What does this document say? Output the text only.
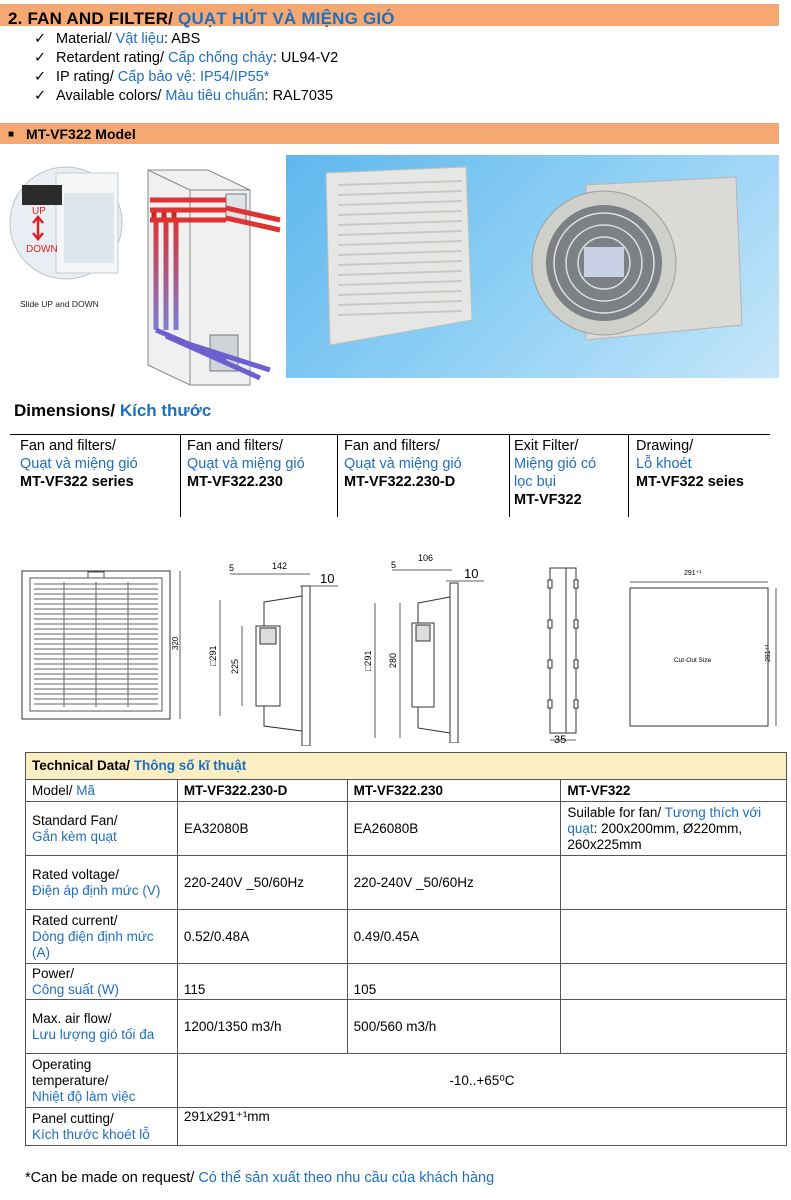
2. FAN AND FILTER/ QUẠT HÚT VÀ MIỆNG GIÓ
✓ Material/ Vật liệu: ABS
✓ Retardent rating/ Cấp chống cháy: UL94-V2
✓ IP rating/ Cấp bảo vệ: IP54/IP55*
✓ Available colors/ Màu tiêu chuẩn: RAL7035
■ MT-VF322 Model
UP
DOWN
Slide UP and DOWN
Dimensions/ Kích thước
Fan and filters/
Quạt và miệng gió
MT-VF322 series
Fan and filters/
Quạt và miệng gió
MT-VF322.230
Fan and filters/
Quạt và miệng gió
MT-VF322.230-D
Exit Filter/
Miệng gió có lọc bụi
MT-VF322
Drawing/
Lỗ khoét
MT-VF322 seies
320
5	142
10
□291
225
5
106
10
□291 280
35
291⁺¹
291⁺¹
Cut-Out Size
Technical Data/ Thông số kĩ thuật			
Model/ Mã	MT-VF322.230-D	MT-VF322.230	MT-VF322

Standard Fan/
Gắn kèm quạt	EA32080B	EA26080B	Suilable for fan/ Tương thích với quạt: 200x200mm, Ø220mm, 260x225mm

Rated voltage/
Điện áp định mức (V)	220-240V _50/60Hz	220-240V _50/60Hz	

Rated current/
Dòng điện định mức (A)	0.52/0.48A	0.49/0.45A	

Power/
Công suất (W)	115	105	

Max. air flow/
Lưu lượng gió tối đa	1200/1350 m3/h	500/560 m3/h	

Operating temperature/
Nhiệt độ làm việc	-10..+65⁰C		

Panel cutting/
Kích thước khoét lỗ	291x291⁺¹mm		
*Can be made on request/ Có thể sản xuất theo nhu cầu của khách hàng
